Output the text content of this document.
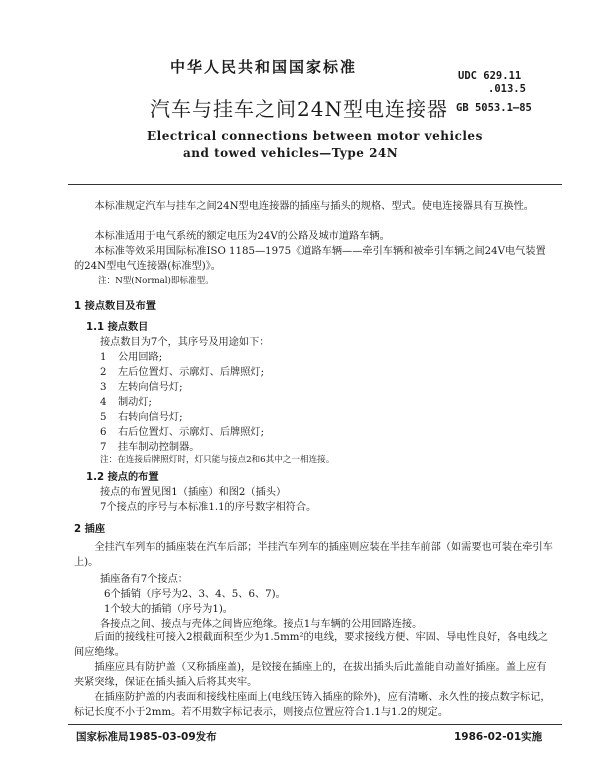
中华人民共和国国家标准	UDC 629.11
.013.5
GB 5053.1—85
汽车与挂车之间24N型电连接器
Electrical connections between motor vehicles
and towed vehicles—Type 24N
本标准规定汽车与挂车之间24N型电连接器的插座与插头的规格、型式。使电连接器具有互换性。
本标准适用于电气系统的额定电压为24V的公路及城市道路车辆。
本标准等效采用国际标准ISO 1185—1975《道路车辆——牵引车辆和被牵引车辆之间24V电气装置的24N型电气连接器(标准型)》。
注：N型(Normal)即标准型。
1 接点数目及布置
1.1 接点数目
接点数目为7个，其序号及用途如下：
1 公用回路;
2 左后位置灯、示廓灯、后牌照灯;
3 左转向信号灯;
4 制动灯;
5 右转向信号灯;
6 右后位置灯、示廓灯、后牌照灯;
7 挂车制动控制器。
注：在连接后牌照灯时，灯只能与接点2和6其中之一相连接。
1.2 接点的布置
接点的布置见图1（插座）和图2（插头）
7个接点的序号与本标准1.1的序号数字相符合。
2 插座
全挂汽车列车的插座装在汽车后部；半挂汽车列车的插座则应装在半挂车前部（如需要也可装在牵引车上)。
插座备有7个接点：
6个插销（序号为2、3、4、5、6、7)。
1个较大的插销（序号为1)。
各接点之间、接点与壳体之间皆应绝缘。接点1与车辆的公用回路连接。
后面的接线柱可接入2根截面积至少为1.5mm²的电线，要求接线方便、牢固、导电性良好，各电线之间应绝缘。
插座应具有防护盖（又称插座盖)，是铰接在插座上的，在拔出插头后此盖能自动盖好插座。盖上应有夹紧突缘，保证在插头插入后将其夹牢。
在插座防护盖的内表面和接线柱座面上(电线压铸入插座的除外)，应有清晰、永久性的接点数字标记，标记长度不小于2mm。若不用数字标记表示，则接点位置应符合1.1与1.2的规定。
国家标准局1985-03-09发布	1986-02-01实施
